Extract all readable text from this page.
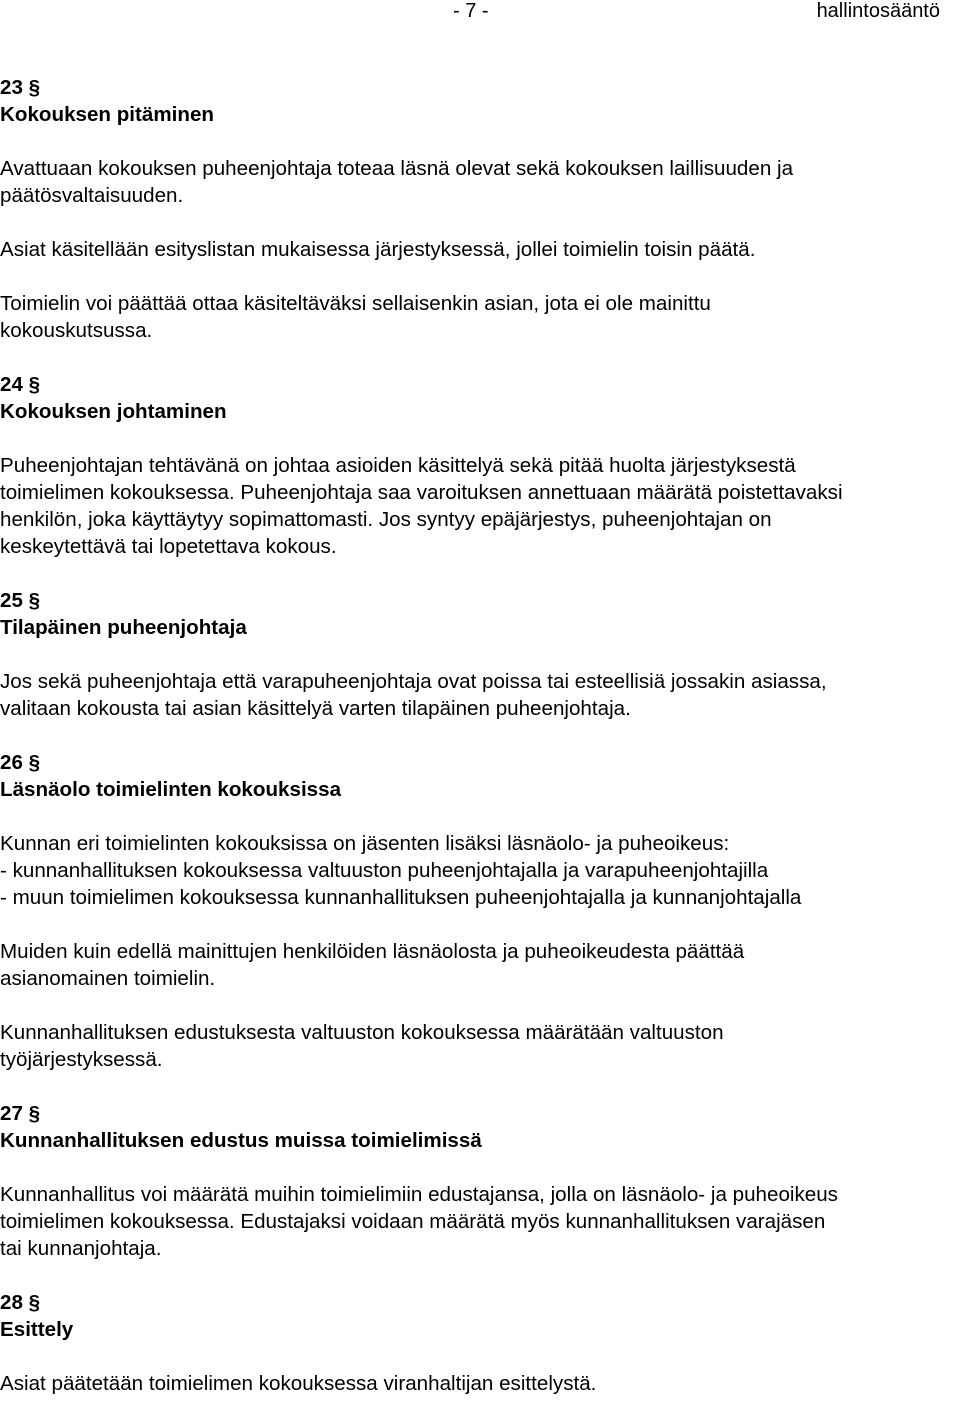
- 7 -	hallintosääntö
23 §
Kokouksen pitäminen
Avattuaan kokouksen puheenjohtaja toteaa läsnä olevat sekä kokouksen laillisuuden ja
päätösvaltaisuuden.
Asiat käsitellään esityslistan mukaisessa järjestyksessä, jollei toimielin toisin päätä.
Toimielin voi päättää ottaa käsiteltäväksi sellaisenkin asian, jota ei ole mainittu
kokouskutsussa.
24 §
Kokouksen johtaminen
Puheenjohtajan tehtävänä on johtaa asioiden käsittelyä sekä pitää huolta järjestyksestä
toimielimen kokouksessa. Puheenjohtaja saa varoituksen annettuaan määrätä poistettavaksi
henkilön, joka käyttäytyy sopimattomasti. Jos syntyy epäjärjestys, puheenjohtajan on
keskeytettävä tai lopetettava kokous.
25 §
Tilapäinen puheenjohtaja
Jos sekä puheenjohtaja että varapuheenjohtaja ovat poissa tai esteellisiä jossakin asiassa,
valitaan kokousta tai asian käsittelyä varten tilapäinen puheenjohtaja.
26 §
Läsnäolo toimielinten kokouksissa
Kunnan eri toimielinten kokouksissa on jäsenten lisäksi läsnäolo- ja puheoikeus:
- kunnanhallituksen kokouksessa valtuuston puheenjohtajalla ja varapuheenjohtajilla
- muun toimielimen kokouksessa kunnanhallituksen puheenjohtajalla ja kunnanjohtajalla
Muiden kuin edellä mainittujen henkilöiden läsnäolosta ja puheoikeudesta päättää
asianomainen toimielin.
Kunnanhallituksen edustuksesta valtuuston kokouksessa määrätään valtuuston
työjärjestyksessä.
27 §
Kunnanhallituksen edustus muissa toimielimissä
Kunnanhallitus voi määrätä muihin toimielimiin edustajansa, jolla on läsnäolo- ja puheoikeus
toimielimen kokouksessa. Edustajaksi voidaan määrätä myös kunnanhallituksen varajäsen
tai kunnanjohtaja.
28 §
Esittely
Asiat päätetään toimielimen kokouksessa viranhaltijan esittelystä.
